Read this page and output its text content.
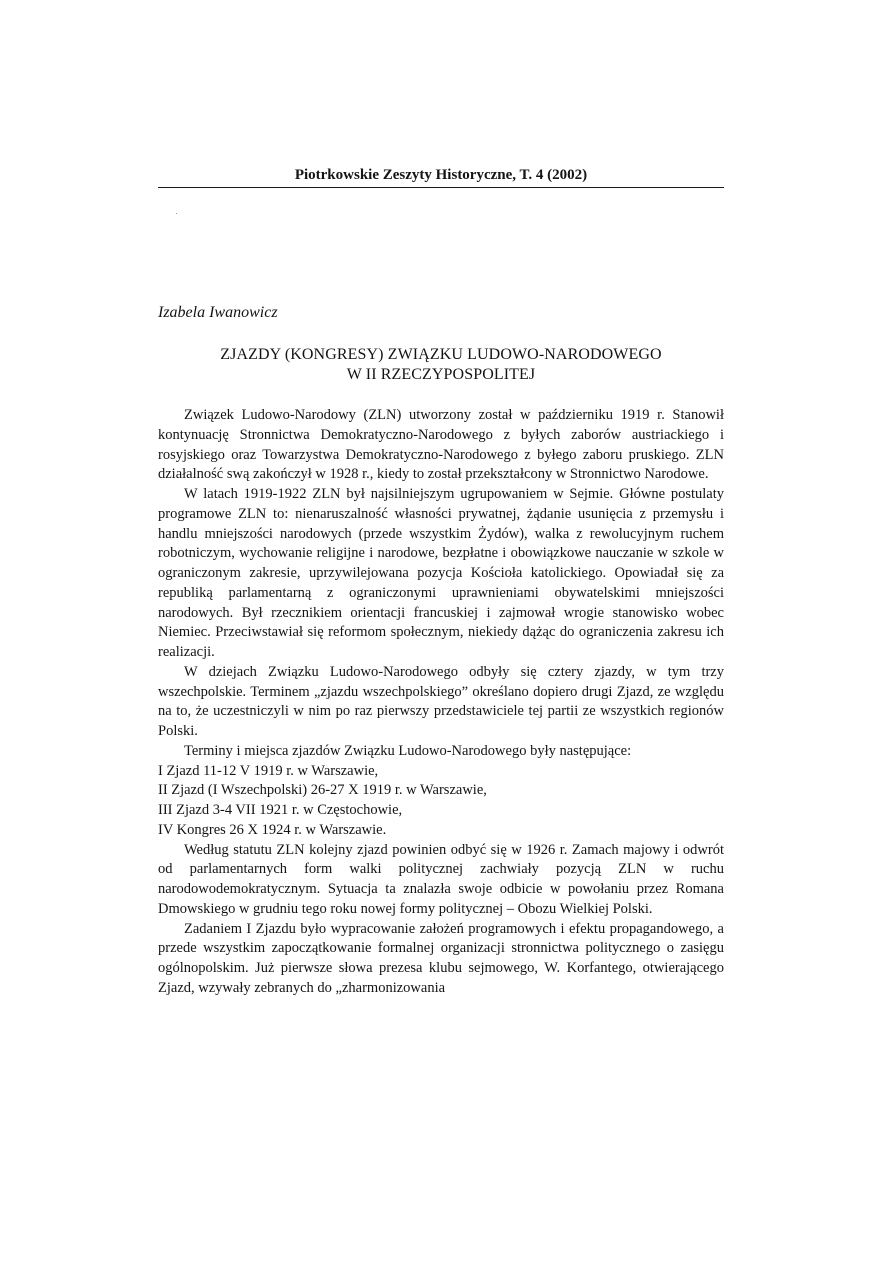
Piotrkowskie Zeszyty Historyczne, T. 4 (2002)
Izabela Iwanowicz
ZJAZDY (KONGRESY) ZWIĄZKU LUDOWO-NARODOWEGO
W II RZECZYPOSPOLITEJ

Związek Ludowo-Narodowy (ZLN) utworzony został w październiku 1919 r. Stanowił kontynuację Stronnictwa Demokratyczno-Narodowego z byłych zaborów austriackiego i rosyjskiego oraz Towarzystwa Demokratyczno-Narodowego z byłego zaboru pruskiego. ZLN działalność swą zakończył w 1928 r., kiedy to został przekształcony w Stronnictwo Narodowe.

W latach 1919-1922 ZLN był najsilniejszym ugrupowaniem w Sejmie. Główne postulaty programowe ZLN to: nienaruszalność własności prywatnej, żądanie usunięcia z przemysłu i handlu mniejszości narodowych (przede wszystkim Żydów), walka z rewolucyjnym ruchem robotniczym, wychowanie religijne i narodowe, bezpłatne i obowiązkowe nauczanie w szkole w ograniczonym zakresie, uprzywilejowana pozycja Kościoła katolickiego. Opowiadał się za republiką parlamentarną z ograniczonymi uprawnieniami obywatelskimi mniejszości narodowych. Był rzecznikiem orientacji francuskiej i zajmował wrogie stanowisko wobec Niemiec. Przeciwstawiał się reformom społecznym, niekiedy dążąc do ograniczenia zakresu ich realizacji.

W dziejach Związku Ludowo-Narodowego odbyły się cztery zjazdy, w tym trzy wszechpolskie. Terminem „zjazdu wszechpolskiego” określano dopiero drugi Zjazd, ze względu na to, że uczestniczyli w nim po raz pierwszy przedstawiciele tej partii ze wszystkich regionów Polski.

Terminy i miejsca zjazdów Związku Ludowo-Narodowego były następujące:

I Zjazd 11-12 V 1919 r. w Warszawie,
II Zjazd (I Wszechpolski) 26-27 X 1919 r. w Warszawie,
III Zjazd 3-4 VII 1921 r. w Częstochowie,
IV Kongres 26 X 1924 r. w Warszawie.

Według statutu ZLN kolejny zjazd powinien odbyć się w 1926 r. Zamach majowy i odwrót od parlamentarnych form walki politycznej zachwiały pozycją ZLN w ruchu narodowodemokratycznym. Sytuacja ta znalazła swoje odbicie w powołaniu przez Romana Dmowskiego w grudniu tego roku nowej formy politycznej – Obozu Wielkiej Polski.

Zadaniem I Zjazdu było wypracowanie założeń programowych i efektu propagandowego, a przede wszystkim zapoczątkowanie formalnej organizacji stronnictwa politycznego o zasięgu ogólnopolskim. Już pierwsze słowa prezesa klubu sejmowego, W. Korfantego, otwierającego Zjazd, wzywały zebranych do „zharmonizowania
